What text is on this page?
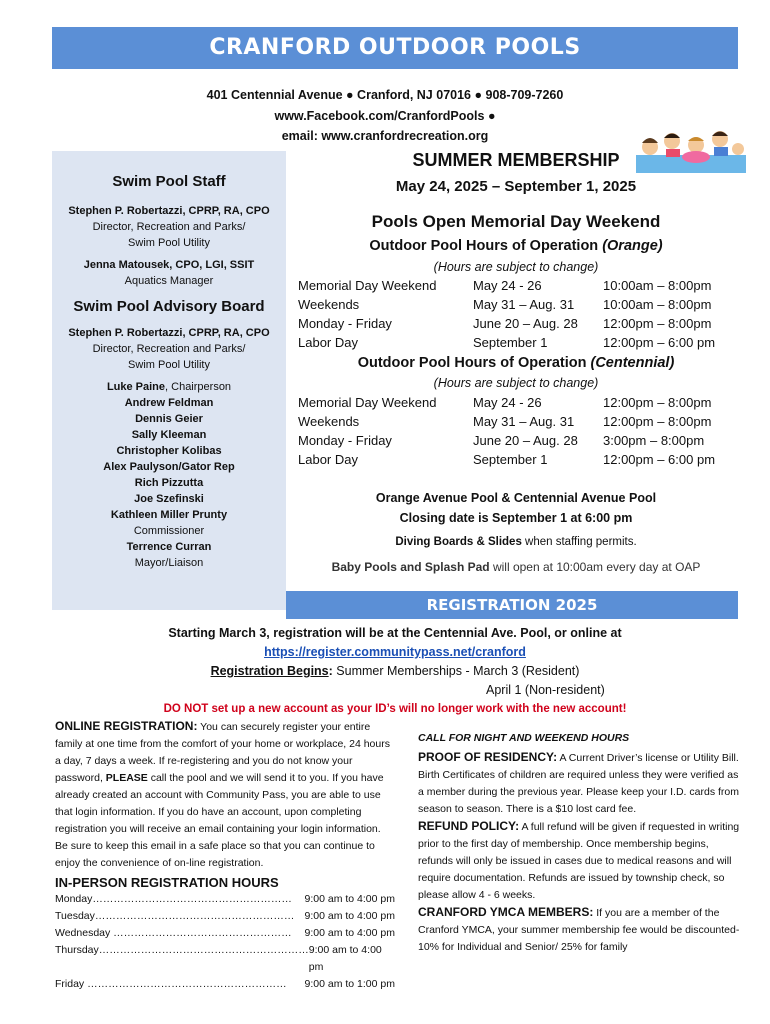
CRANFORD OUTDOOR POOLS
401 Centennial Avenue ● Cranford, NJ 07016 ● 908-709-7260
www.Facebook.com/CranfordPools ●
email: www.cranfordrecreation.org
Swim Pool Staff
Stephen P. Robertazzi, CPRP, RA, CPO
Director, Recreation and Parks/
Swim Pool Utility
Jenna Matousek, CPO, LGI, SSIT
Aquatics Manager
Swim Pool Advisory Board
Stephen P. Robertazzi, CPRP, RA, CPO
Director, Recreation and Parks/
Swim Pool Utility
Luke Paine, Chairperson
Andrew Feldman
Dennis Geier
Sally Kleeman
Christopher Kolibas
Alex Paulyson/Gator Rep
Rich Pizzutta
Joe Szefinski
Kathleen Miller Prunty
Commissioner
Terrence Curran
Mayor/Liaison
SUMMER MEMBERSHIP
May 24, 2025 – September 1, 2025
Pools Open Memorial Day Weekend
Outdoor Pool Hours of Operation (Orange)
(Hours are subject to change)
Memorial Day Weekend	May 24 - 26	10:00am – 8:00pm
Weekends	May 31 – Aug. 31 10:00am – 8:00pm
Monday - Friday	June 20 – Aug. 28 12:00pm – 8:00pm
Labor Day	September 1	12:00pm – 6:00 pm
Outdoor Pool Hours of Operation (Centennial)
(Hours are subject to change)
Memorial Day Weekend	May 24 - 26	12:00pm – 8:00pm
Weekends	May 31 – Aug. 31 12:00pm – 8:00pm
Monday - Friday	June 20 – Aug. 28 3:00pm – 8:00pm
Labor Day	September 1	12:00pm – 6:00 pm
Orange Avenue Pool & Centennial Avenue Pool
Closing date is September 1 at 6:00 pm
Diving Boards & Slides when staffing permits.
Baby Pools and Splash Pad will open at 10:00am every day at OAP
REGISTRATION 2025
Starting March 3, registration will be at the Centennial Ave. Pool, or online at
https://register.communitypass.net/cranford
Registration Begins: Summer Memberships - March 3 (Resident)
April 1 (Non-resident)
DO NOT set up a new account as your ID’s will no longer work with the new account!
ONLINE REGISTRATION: You can securely register your entire family at one time from the comfort of your home or workplace, 24 hours a day, 7 days a week. If re-registering and you do not know your password, PLEASE call the pool and we will send it to you. If you have already created an account with Community Pass, you are able to use that login information. If you do have an account, upon completing registration you will receive an email containing your login information. Be sure to keep this email in a safe place so that you can continue to enjoy the convenience of on-line registration.
IN-PERSON REGISTRATION HOURS
Monday………………………………………………… 9:00 am to 4:00 pm
Tuesday………………………………………………… 9:00 am to 4:00 pm
Wednesday …………………………………………… 9:00 am to 4:00 pm
Thursday…………………………………………………… 9:00 am to 4:00 pm
Friday ………………………………………………… 9:00 am to 1:00 pm
CALL FOR NIGHT AND WEEKEND HOURS
PROOF OF RESIDENCY: A Current Driver’s license or Utility Bill. Birth Certificates of children are required unless they were verified as a member during the previous year. Please keep your I.D. cards from season to season. There is a $10 lost card fee.
REFUND POLICY: A full refund will be given if requested in writing prior to the first day of membership. Once membership begins, refunds will only be issued in cases due to medical reasons and will require documentation. Refunds are issued by township check, so please allow 4 - 6 weeks.
CRANFORD YMCA MEMBERS: If you are a member of the Cranford YMCA, your summer membership fee would be discounted- 10% for Individual and Senior/ 25% for family
